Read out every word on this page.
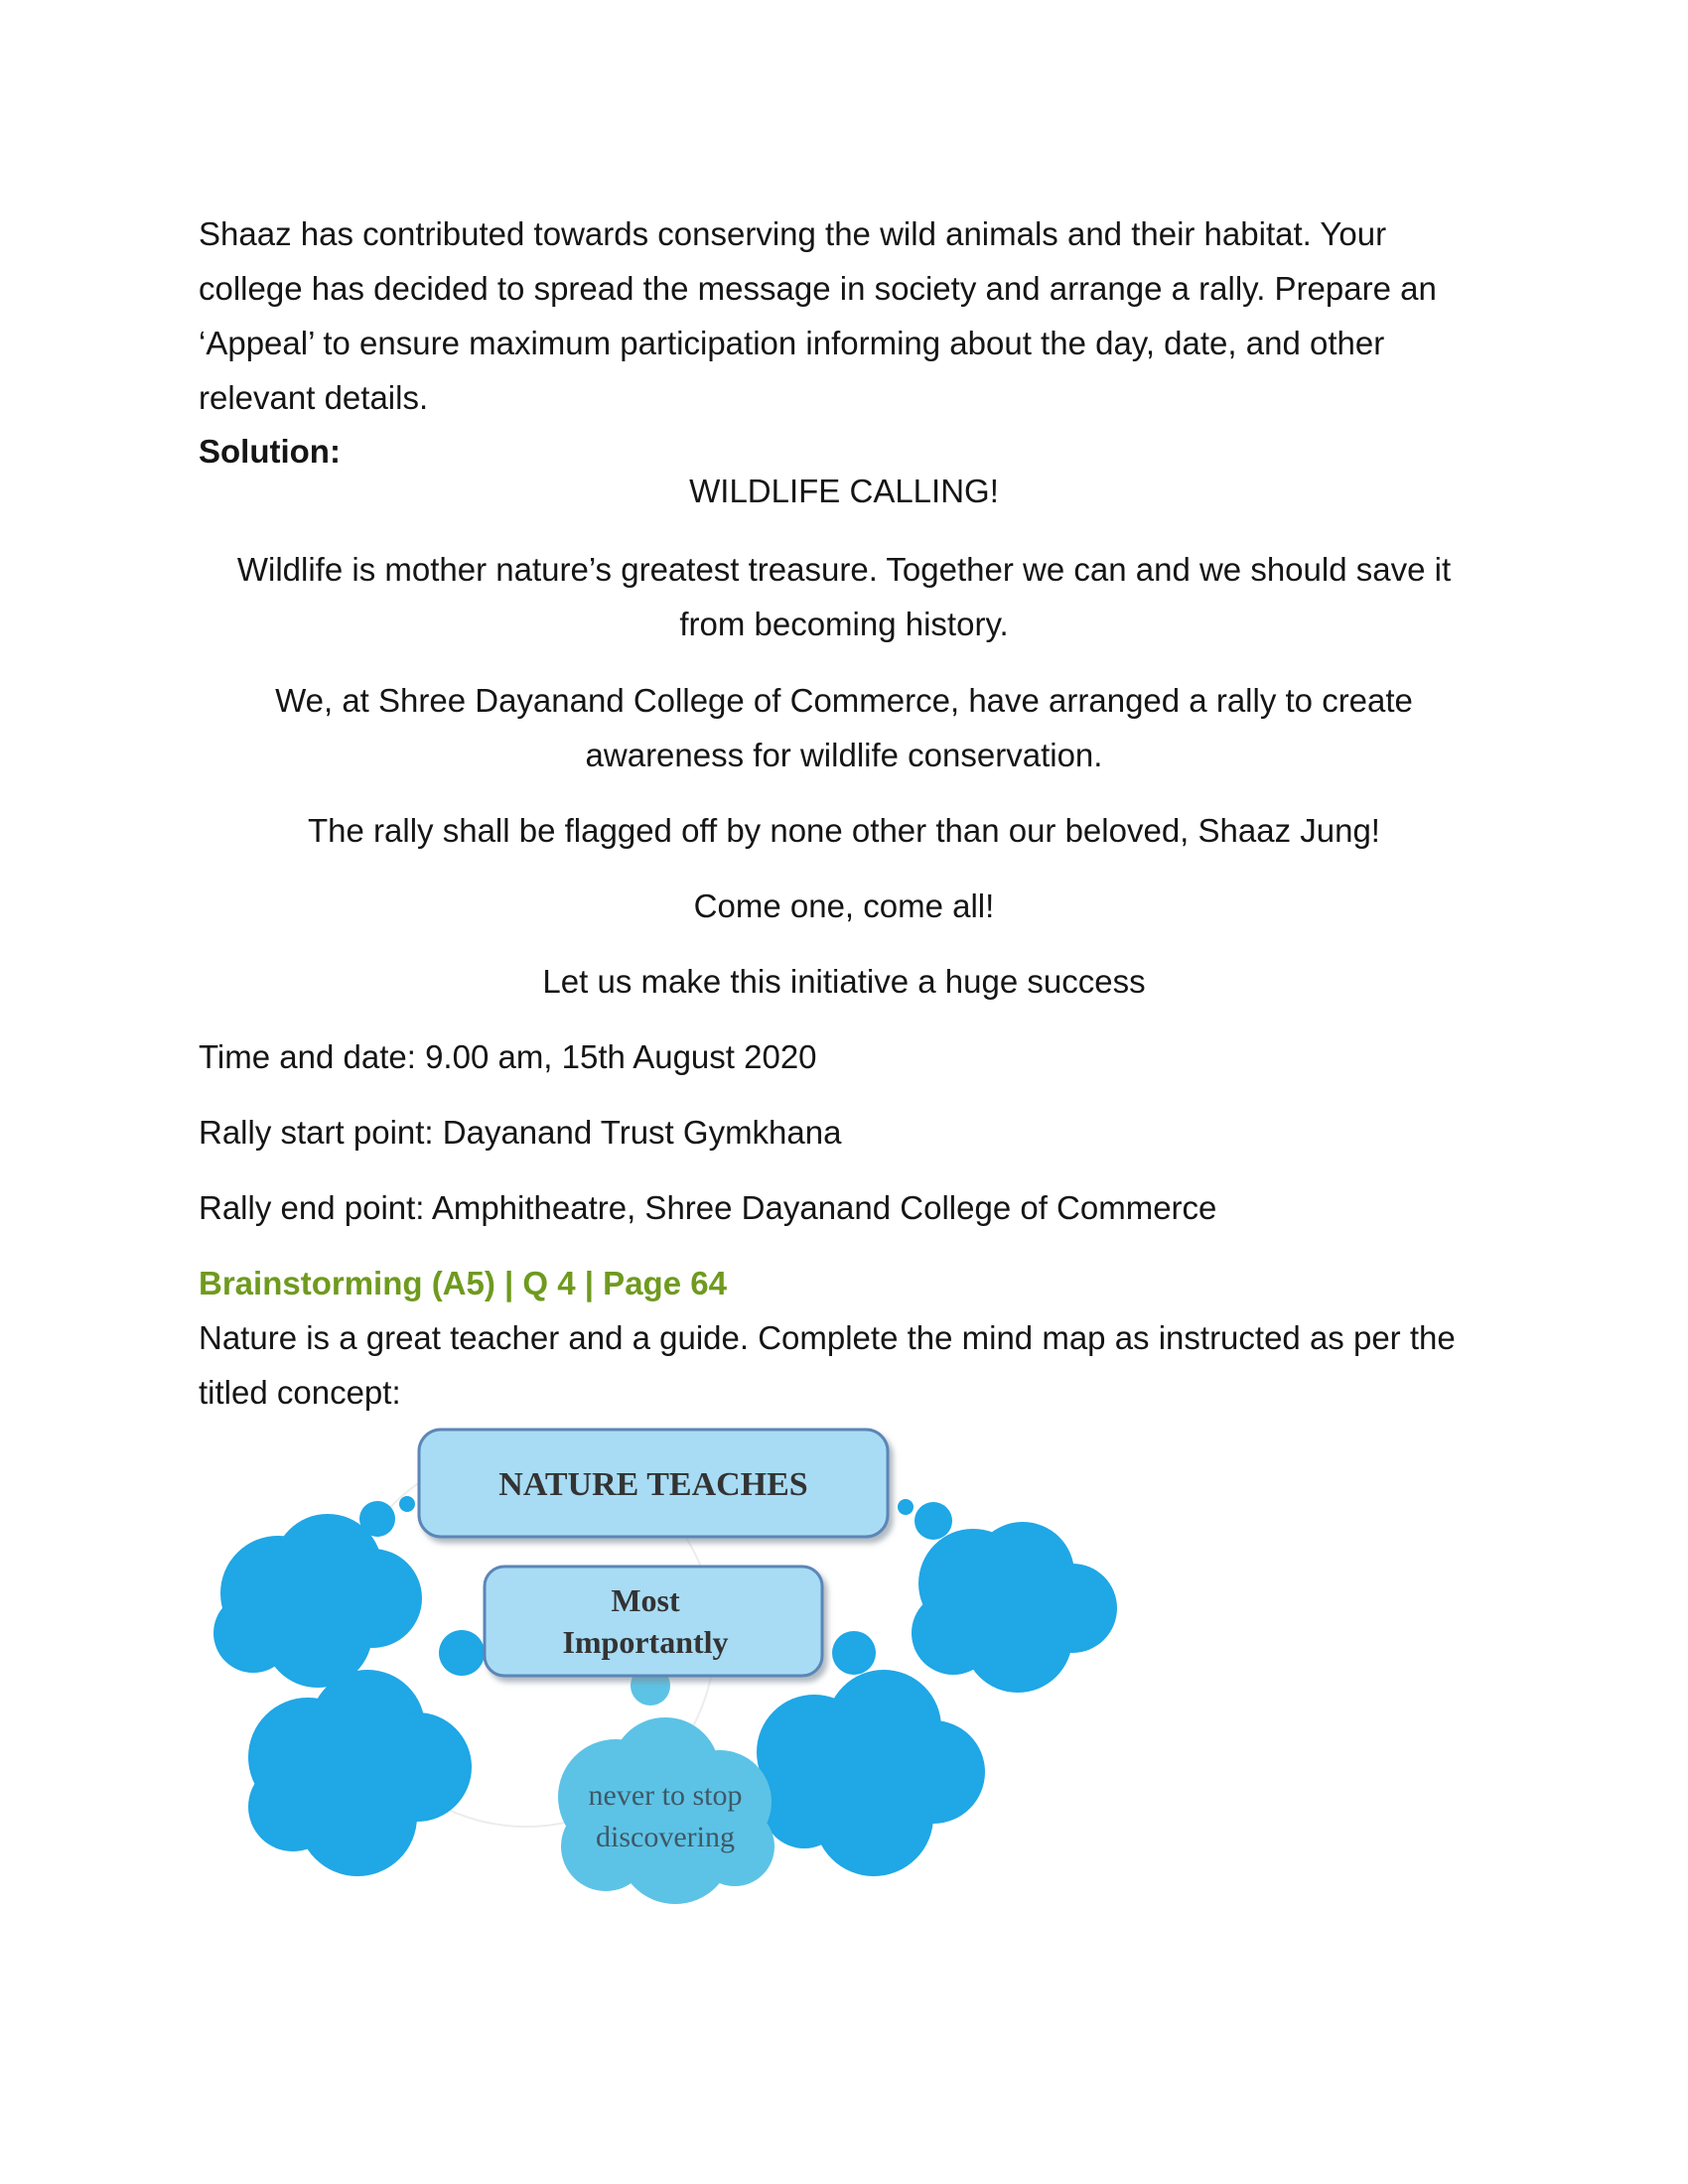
Shaaz has contributed towards conserving the wild animals and their habitat. Your
college has decided to spread the message in society and arrange a rally. Prepare an
‘Appeal’ to ensure maximum participation informing about the day, date, and other
relevant details.
Solution:
WILDLIFE CALLING!
Wildlife is mother nature’s greatest treasure. Together we can and we should save it
from becoming history.
We, at Shree Dayanand College of Commerce, have arranged a rally to create
awareness for wildlife conservation.
The rally shall be flagged off by none other than our beloved, Shaaz Jung!
Come one, come all!
Let us make this initiative a huge success
Time and date: 9.00 am, 15th August 2020
Rally start point: Dayanand Trust Gymkhana
Rally end point: Amphitheatre, Shree Dayanand College of Commerce
Brainstorming (A5) | Q 4 | Page 64
Nature is a great teacher and a guide. Complete the mind map as instructed as per the
titled concept:
NATURE TEACHES
Most
Importantly
never to stop
discovering
